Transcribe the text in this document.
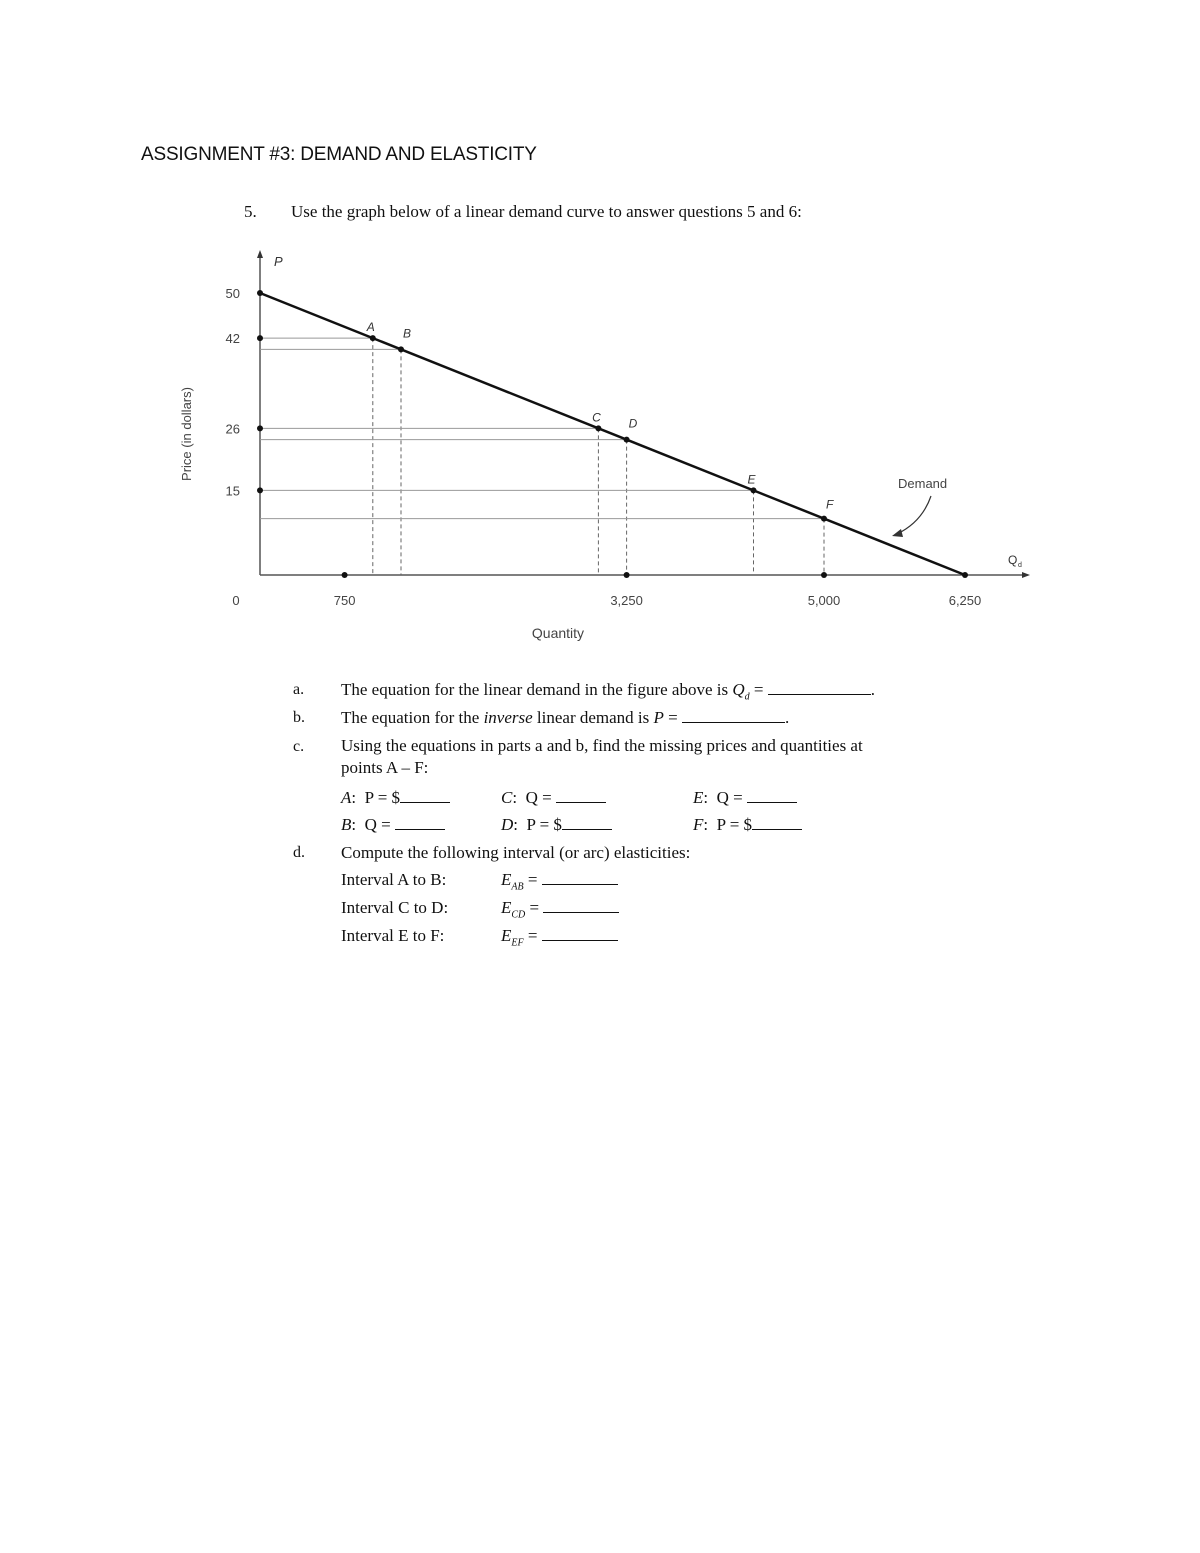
ASSIGNMENT #3: DEMAND AND ELASTICITY
5. Use the graph below of a linear demand curve to answer questions 5 and 6:
P
Q d
Price (in dollars)
Quantity
0
50
42
26
15
750	3,250	5,000	6,250
A B
C D
E
F
Demand
a. The equation for the linear demand in the figure above is $Q_d$ =	.
b. The equation for the inverse linear demand is P =	.
c. Using the equations in parts a and b, find the missing prices and quantities at
points A – F:
A:  P = $	C:  Q =	E:  Q =
B:  Q =	D:  P = $	F:  P = $
d. Compute the following interval (or arc) elasticities:
Interval A to B:	$E_{AB}$ =
Interval C to D:	$E_{CD}$ =
Interval E to F:	$E_{EF}$ =
